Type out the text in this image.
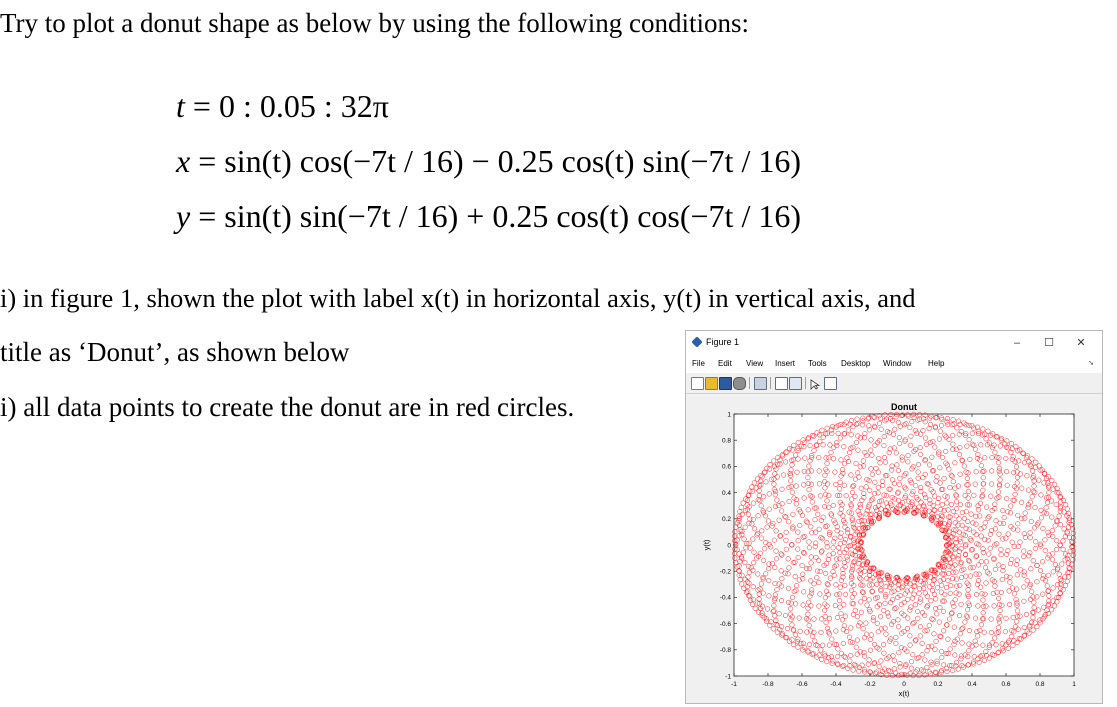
Try to plot a donut shape as below by using the following conditions:
t = 0 : 0.05 : 32π
x = sin(t) cos(−7t / 16) − 0.25 cos(t) sin(−7t / 16)
y = sin(t) sin(−7t / 16) + 0.25 cos(t) cos(−7t / 16)
i) in figure 1, shown the plot with label x(t) in horizontal axis, y(t) in vertical axis, and
title as ‘Donut’, as shown below
i) all data points to create the donut are in red circles.
Figure 1	–	☐	✕
File Edit View Insert Tools Desktop Window Help	➘
-1	-0.8	-0.6	-0.4	-0.2	0	0.2	0.4	0.6	0.8	1
-1
-0.8
-0.6
-0.4
-0.2
0
0.2
0.4
0.6
0.8
1
Donut
x(t)
y(t)
